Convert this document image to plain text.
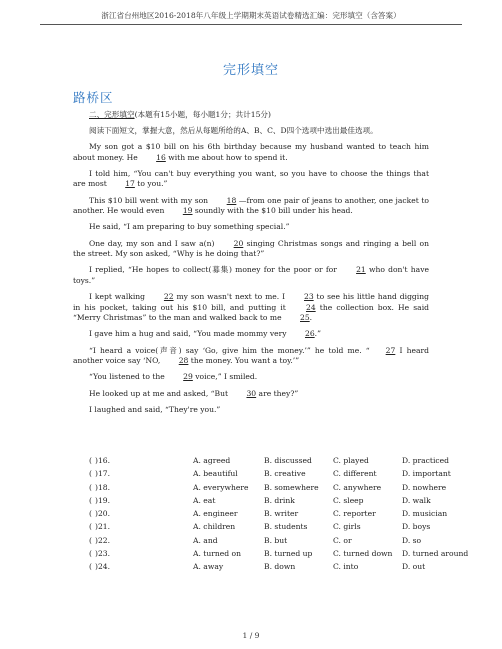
浙江省台州地区2016-2018年八年级上学期期末英语试卷精选汇编：完形填空（含答案）
完形填空
路桥区
二、完形填空(本题有15小题，每小题1分；共计15分)

阅读下面短文，掌握大意，然后从每题所给的A、B、C、D四个选项中选出最佳选项。

My son got a $10 bill on his 6th birthday because my husband wanted to teach him about money. He 16 with me about how to spend it.

I told him, “You can't buy everything you want, so you have to choose the things that are most 17 to you.”

This $10 bill went with my son 18 —from one pair of jeans to another, one jacket to another. He would even 19 soundly with the $10 bill under his head.

He said, “I am preparing to buy something special.”

One day, my son and I saw a(n) 20 singing Christmas songs and ringing a bell on the street. My son asked, “Why is he doing that?”

I replied, “He hopes to collect(募集) money for the poor or for 21 who don't have toys.”

I kept walking 22 my son wasn't next to me. I 23 to see his little hand digging in his pocket, taking out his $10 bill, and putting it 24 the collection box. He said “Merry Christmas” to the man and walked back to me 25.

I gave him a hug and said, “You made mommy very 26.”

“I heard a voice(声音) say ‘Go, give him the money.’” he told me. “ 27 I heard another voice say ‘NO, 28 the money. You want a toy.’”

“You listened to the 29 voice,” I smiled.

He looked up at me and asked, “But 30 are they?”

I laughed and said, “They're you.”

( )16.	A. agreed	B. discussed	C. played	D. practiced
( )17.	A. beautiful	B. creative	C. different	D. important
( )18.	A. everywhere B. somewhere C. anywhere	D. nowhere
( )19.	A. eat	B. drink	C. sleep	D. walk
( )20.	A. engineer	B. writer	C. reporter	D. musician
( )21.	A. children	B. students	C. girls	D. boys
( )22.	A. and	B. but	C. or	D. so
( )23.	A. turned on	B. turned up	C. turned down D. turned around
( )24.	A. away	B. down	C. into	D. out
1 / 9
